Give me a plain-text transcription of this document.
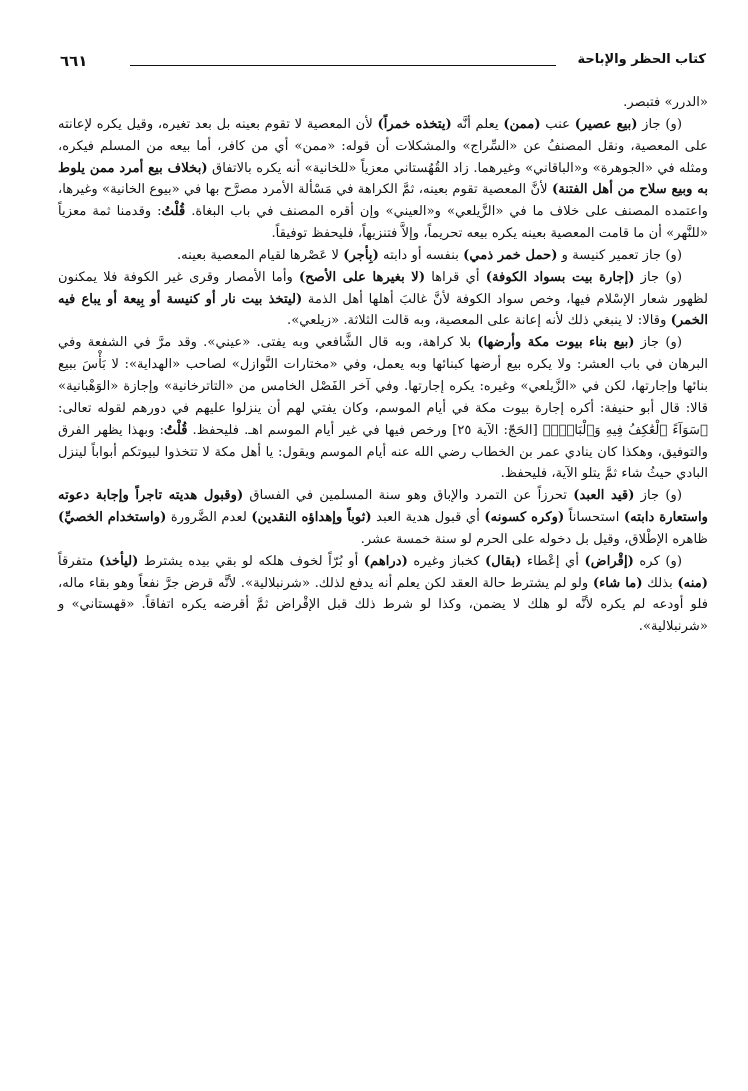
كتاب الحظر والإباحة
٦٦١

«الدرر» فتبصر.

(و) جاز (بيع عصير) عنب (ممن) يعلم أنَّه (يتخذه خمراً) لأن المعصية لا تقوم بعينه بل بعد تغيره، وقيل يكره لإعانته على المعصية، ونقل المصنفُ عن «السِّراج» والمشكلات أن قوله: «ممن» أي من كافر، أما بيعه من المسلم فيكره، ومثله في «الجوهرة» و«الباقاني» وغيرهما. زاد القُهُستاني معزياً «للخانية» أنه يكره بالاتفاق (بخلاف بيع أمرد ممن يلوط به وبيع سلاح من أهل الفتنة) لأنَّ المعصية تقوم بعينه، ثمَّ الكراهة في مَسْألة الأمرد مصرَّح بها في «بيوع الخانية» وغيرها، واعتمده المصنف على خلاف ما في «الزَّيلعي» و«العيني» وإن أقره المصنف في باب البغاة. قُلْتُ: وقدمنا ثمة معزياً «للنَّهر» أن ما قامت المعصية بعينه يكره بيعه تحريماً، وإلاَّ فتنزيهاً، فليحفظ توفيقاً.

(و) جاز تعمير كنيسة و (حمل خمر ذمي) بنفسه أو دابته (بِأجر) لا عَصْرها لقيام المعصية بعينه.

(و) جاز (إجارة بيت بسواد الكوفة) أي قراها (لا بغيرها على الأصح) وأما الأمصار وقرى غير الكوفة فلا يمكنون لظهور شعار الإسْلام فيها، وخص سواد الكوفة لأنَّ غالبَ أهلها أهل الذمة (ليتخذ بيت نار أو كنيسة أو بِيعة أو يباع فيه الخمر) وقالا: لا ينبغي ذلك لأنه إعانة على المعصية، وبه قالت الثلاثة. «زيلعي».

(و) جاز (بيع بناء بيوت مكة وأرضها) بلا كراهة، وبه قال الشَّافعي وبه يفتى. «عيني». وقد مرَّ في الشفعة وفي البرهان في باب العشر: ولا يكره بيع أرضها كبنائها وبه يعمل، وفي «مختارات النَّوازل» لصاحب «الهداية»: لا بَأْسَ ببيع بنائها وإجارتها، لكن في «الزَّيلعي» وغيره: يكره إجارتها. وفي آخر الفَصْل الخامس من «التاترخانية» وإجازة «الوَهْبانية» قالا: قال أبو حنيفة: أكره إجارة بيوت مكة في أيام الموسم، وكان يفتي لهم أن ينزلوا عليهم في دورهم لقوله تعالى: ﴿سَوَآءً ٱلْعَٰكِفُ فِيهِ وَٱلْبَادِۚ﴾ [الحَجّ: الآية ٢٥] ورخص فيها في غير أيام الموسم اهـ. فليحفظ. قُلْتُ: وبهذا يظهر الفرق والتوفيق، وهكذا كان ينادي عمر بن الخطاب رضي الله عنه أيام الموسم ويقول: يا أهل مكة لا تتخذوا لبيوتكم أبواباً لينزل البادي حيثُ شاء ثمَّ يتلو الآية، فليحفظ.

(و) جاز (قيد العبد) تحرزاً عن التمرد والإباق وهو سنة المسلمين في الفساق (وقبول هديته تاجراً وإجابة دعوته واستعارة دابته) استحساناً (وكره كسونه) أي قبول هدية العبد (ثوباً وإهداؤه النقدين) لعدم الضَّرورة (واستخدام الخصيِّ) ظاهره الإطْلاق، وقيل بل دخوله على الحرم لو سنة خمسة عشر.

(و) كره (إقْراض) أي إعْطاء (بقال) كخباز وغيره (دراهم) أو بُرّاً لخوف هلكه لو بقي بيده يشترط (ليأخذ) متفرقاً (منه) بذلك (ما شاء) ولو لم يشترط حالة العقد لكن يعلم أنه يدفع لذلك. «شرنبلالية». لأنَّه قرض جرَّ نفعاً وهو بقاء ماله، فلو أودعه لم يكره لأنَّه لو هلك لا يضمن، وكذا لو شرط ذلك قبل الإقْراض ثمَّ أقرضه يكره اتفاقاً. «قهستاني» و «شرنبلالية».
